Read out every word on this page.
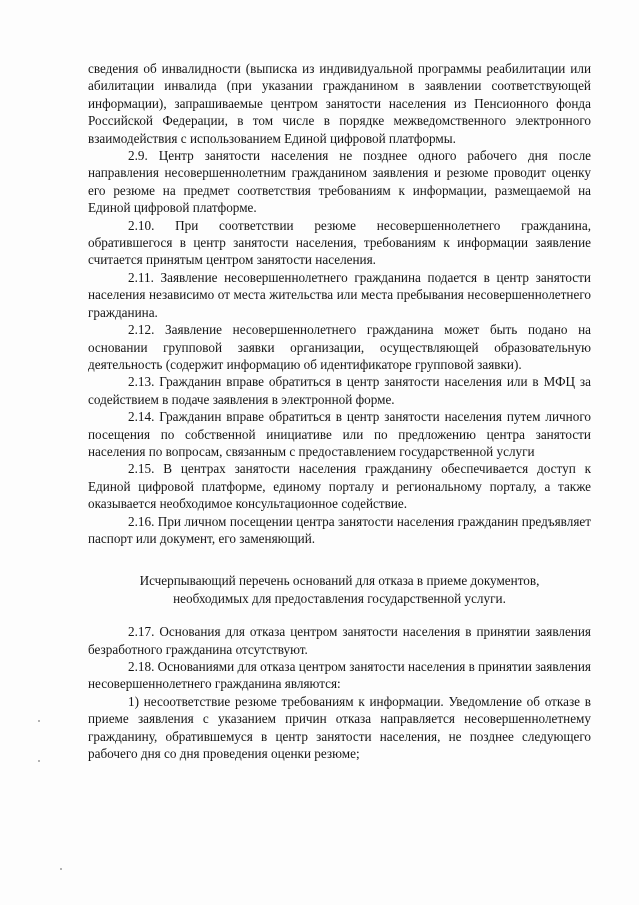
сведения об инвалидности (выписка из индивидуальной программы реабилитации или абилитации инвалида (при указании гражданином в заявлении соответствующей информации), запрашиваемые центром занятости населения из Пенсионного фонда Российской Федерации, в том числе в порядке межведомственного электронного взаимодействия с использованием Единой цифровой платформы.

2.9. Центр занятости населения не позднее одного рабочего дня после направления несовершеннолетним гражданином заявления и резюме проводит оценку его резюме на предмет соответствия требованиям к информации, размещаемой на Единой цифровой платформе.

2.10. При соответствии резюме несовершеннолетнего гражданина, обратившегося в центр занятости населения, требованиям к информации заявление считается принятым центром занятости населения.

2.11. Заявление несовершеннолетнего гражданина подается в центр занятости населения независимо от места жительства или места пребывания несовершеннолетнего гражданина.

2.12. Заявление несовершеннолетнего гражданина может быть подано на основании групповой заявки организации, осуществляющей образовательную деятельность (содержит информацию об идентификаторе групповой заявки).

2.13. Гражданин вправе обратиться в центр занятости населения или в МФЦ за содействием в подаче заявления в электронной форме.

2.14. Гражданин вправе обратиться в центр занятости населения путем личного посещения по собственной инициативе или по предложению центра занятости населения по вопросам, связанным с предоставлением государственной услуги

2.15. В центрах занятости населения гражданину обеспечивается доступ к Единой цифровой платформе, единому порталу и региональному порталу, а также оказывается необходимое консультационное содействие.

2.16. При личном посещении центра занятости населения гражданин предъявляет паспорт или документ, его заменяющий.

Исчерпывающий перечень оснований для отказа в приеме документов,
необходимых для предоставления государственной услуги.

2.17. Основания для отказа центром занятости населения в принятии заявления безработного гражданина отсутствуют.

2.18. Основаниями для отказа центром занятости населения в принятии заявления несовершеннолетнего гражданина являются:

1) несоответствие резюме требованиям к информации. Уведомление об отказе в приеме заявления с указанием причин отказа направляется несовершеннолетнему гражданину, обратившемуся в центр занятости населения, не позднее следующего рабочего дня со дня проведения оценки резюме;
